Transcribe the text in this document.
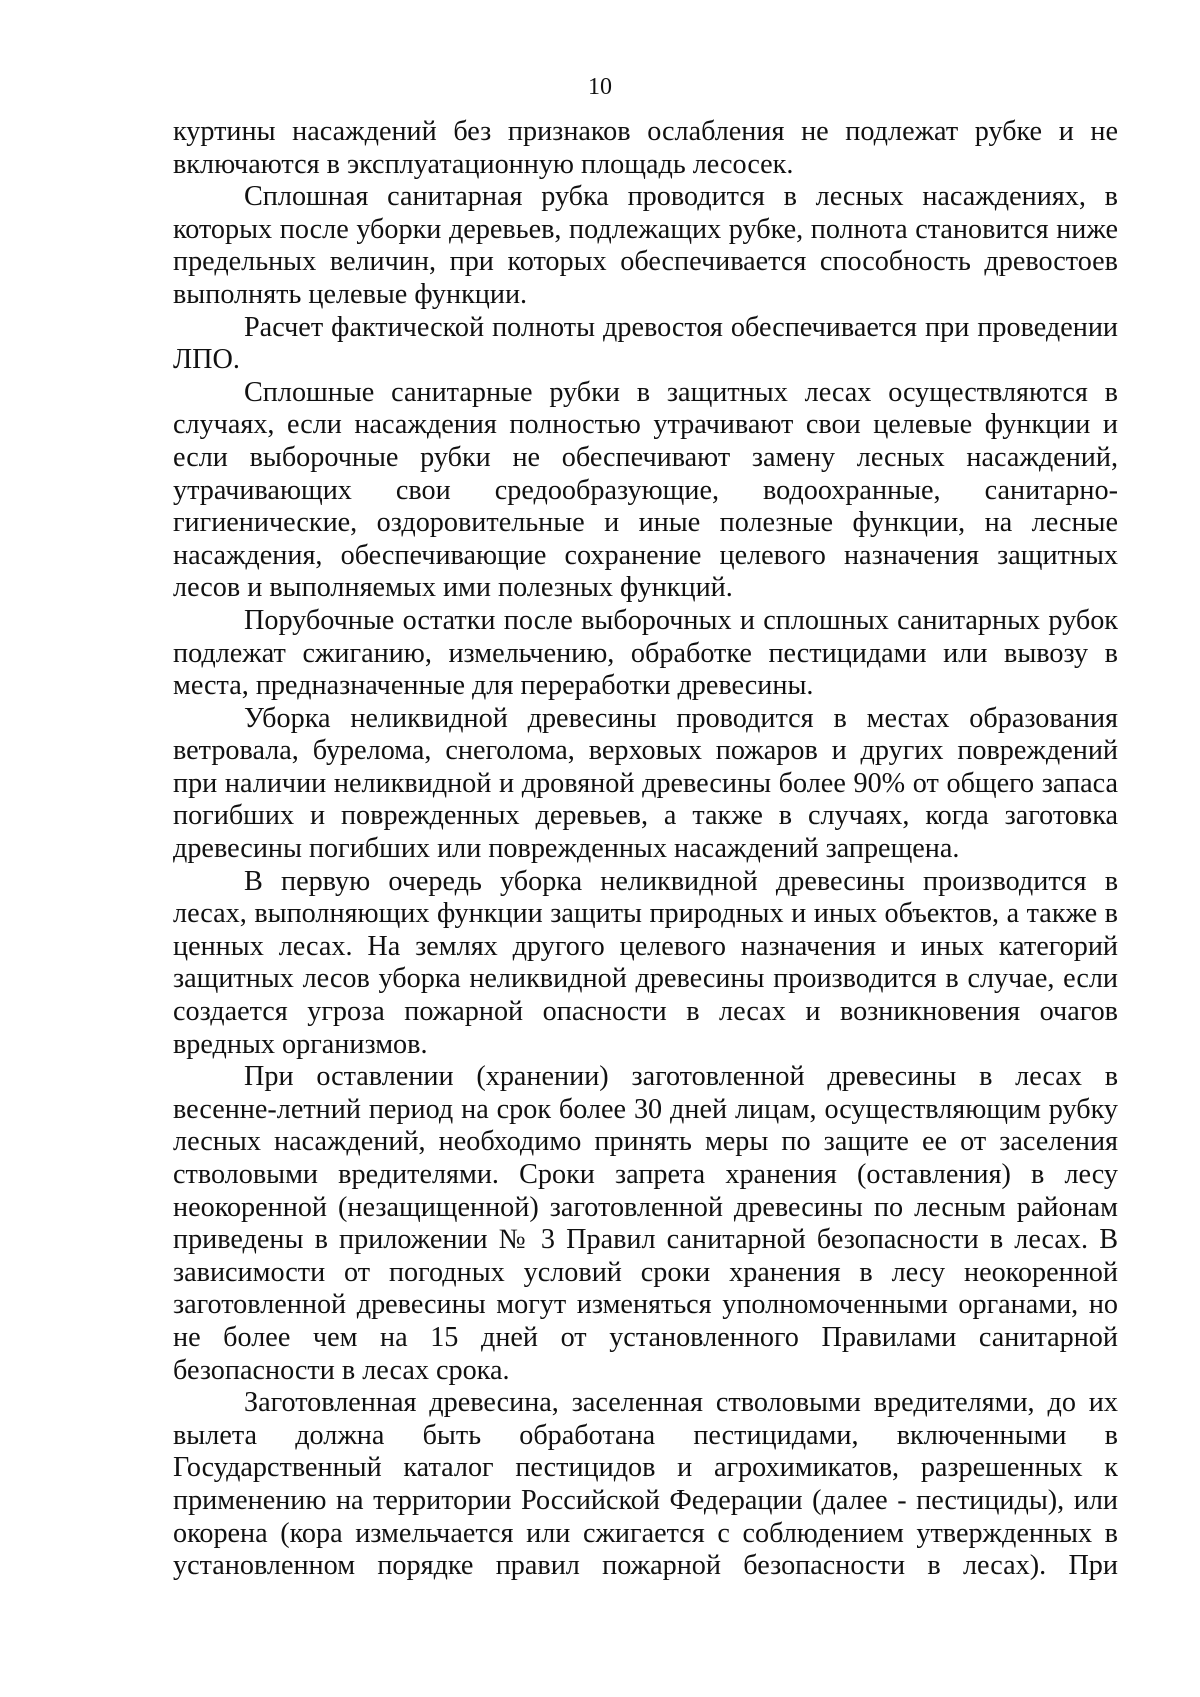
10

куртины насаждений без признаков ослабления не подлежат рубке и не включаются в эксплуатационную площадь лесосек.

Сплошная санитарная рубка проводится в лесных насаждениях, в которых после уборки деревьев, подлежащих рубке, полнота становится ниже предельных величин, при которых обеспечивается способность древостоев выполнять целевые функции.

Расчет фактической полноты древостоя обеспечивается при проведении ЛПО.

Сплошные санитарные рубки в защитных лесах осуществляются в случаях, если насаждения полностью утрачивают свои целевые функции и если выборочные рубки не обеспечивают замену лесных насаждений, утрачивающих свои средообразующие, водоохранные, санитарно-гигиенические, оздоровительные и иные полезные функции, на лесные насаждения, обеспечивающие сохранение целевого назначения защитных лесов и выполняемых ими полезных функций.

Порубочные остатки после выборочных и сплошных санитарных рубок подлежат сжиганию, измельчению, обработке пестицидами или вывозу в места, предназначенные для переработки древесины.

Уборка неликвидной древесины проводится в местах образования ветровала, бурелома, снеголома, верховых пожаров и других повреждений при наличии неликвидной и дровяной древесины более 90% от общего запаса погибших и поврежденных деревьев, а также в случаях, когда заготовка древесины погибших или поврежденных насаждений запрещена.

В первую очередь уборка неликвидной древесины производится в лесах, выполняющих функции защиты природных и иных объектов, а также в ценных лесах. На землях другого целевого назначения и иных категорий защитных лесов уборка неликвидной древесины производится в случае, если создается угроза пожарной опасности в лесах и возникновения очагов вредных организмов.

При оставлении (хранении) заготовленной древесины в лесах в весенне-летний период на срок более 30 дней лицам, осуществляющим рубку лесных насаждений, необходимо принять меры по защите ее от заселения стволовыми вредителями. Сроки запрета хранения (оставления) в лесу неокоренной (незащищенной) заготовленной древесины по лесным районам приведены в приложении № 3 Правил санитарной безопасности в лесах. В зависимости от погодных условий сроки хранения в лесу неокоренной заготовленной древесины могут изменяться уполномоченными органами, но не более чем на 15 дней от установленного Правилами санитарной безопасности в лесах срока.

Заготовленная древесина, заселенная стволовыми вредителями, до их вылета должна быть обработана пестицидами, включенными в Государственный каталог пестицидов и агрохимикатов, разрешенных к применению на территории Российской Федерации (далее - пестициды), или окорена (кора измельчается или сжигается с соблюдением утвержденных в установленном порядке правил пожарной безопасности в лесах). При
